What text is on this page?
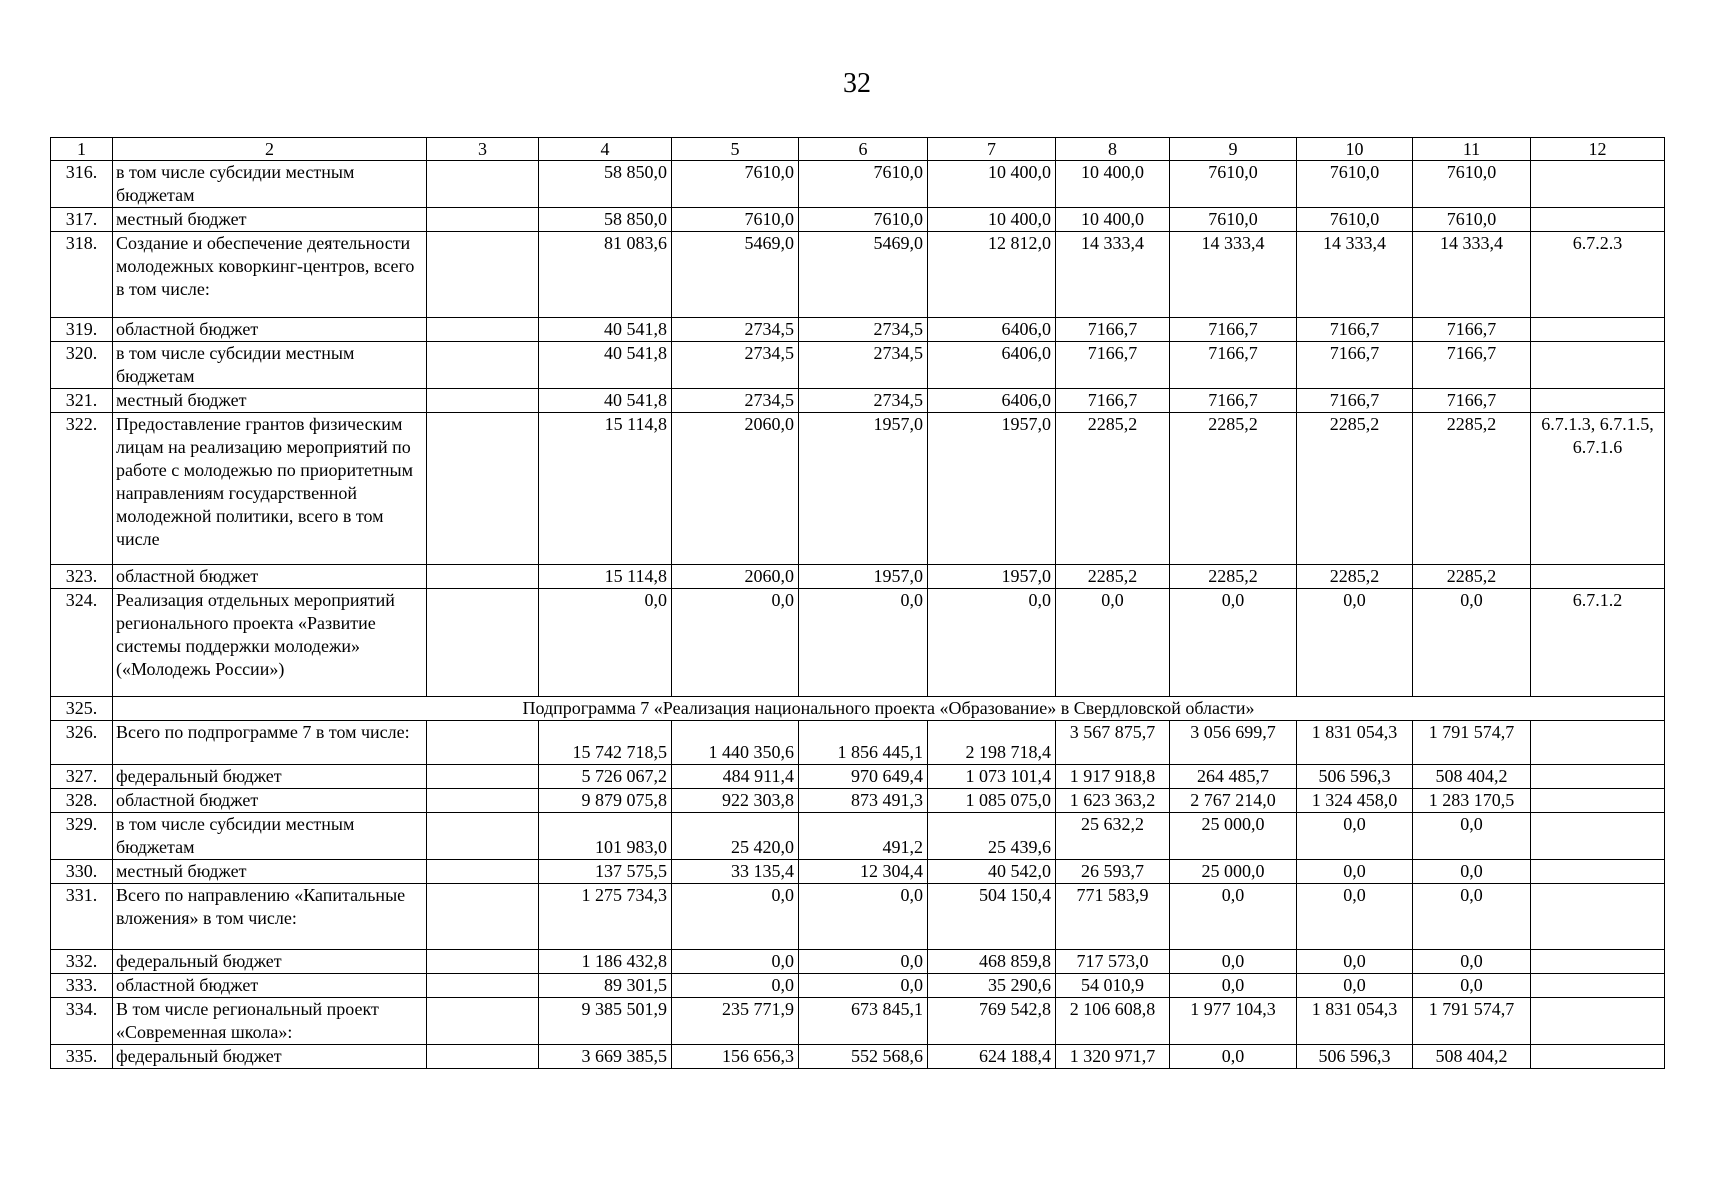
32
1	2	3	4	5	6	7	8	9	10	11	12
316.	в том числе субсидии местным бюджетам		58 850,0	7610,0	7610,0	10 400,0	10 400,0	7610,0	7610,0	7610,0	
317.	местный бюджет		58 850,0	7610,0	7610,0	10 400,0	10 400,0	7610,0	7610,0	7610,0	
318.	Создание и обеспечение деятельности молодежных коворкинг-центров, всего в том числе:		81 083,6	5469,0	5469,0	12 812,0	14 333,4	14 333,4	14 333,4	14 333,4	6.7.2.3
319.	областной бюджет		40 541,8	2734,5	2734,5	6406,0	7166,7	7166,7	7166,7	7166,7	
320.	в том числе субсидии местным бюджетам		40 541,8	2734,5	2734,5	6406,0	7166,7	7166,7	7166,7	7166,7	
321.	местный бюджет		40 541,8	2734,5	2734,5	6406,0	7166,7	7166,7	7166,7	7166,7	
322.	Предоставление грантов физическим лицам на реализацию мероприятий по работе с молодежью по приоритетным направлениям государственной молодежной политики, всего в том числе		15 114,8	2060,0	1957,0	1957,0	2285,2	2285,2	2285,2	2285,2	6.7.1.3, 6.7.1.5, 6.7.1.6
323.	областной бюджет		15 114,8	2060,0	1957,0	1957,0	2285,2	2285,2	2285,2	2285,2	
324.	Реализация отдельных мероприятий регионального проекта «Развитие системы поддержки молодежи» («Молодежь России»)		0,0	0,0	0,0	0,0	0,0	0,0	0,0	0,0	6.7.1.2
325.	Подпрограмма 7 «Реализация национального проекта «Образование» в Свердловской области»										
326.	Всего по подпрограмме 7 в том числе:		15 742 718,5	1 440 350,6	1 856 445,1	2 198 718,4	3 567 875,7	3 056 699,7	1 831 054,3	1 791 574,7	
327.	федеральный бюджет		5 726 067,2	484 911,4	970 649,4	1 073 101,4	1 917 918,8	264 485,7	506 596,3	508 404,2	
328.	областной бюджет		9 879 075,8	922 303,8	873 491,3	1 085 075,0	1 623 363,2	2 767 214,0	1 324 458,0	1 283 170,5	
329.	в том числе субсидии местным бюджетам		101 983,0	25 420,0	491,2	25 439,6	25 632,2	25 000,0	0,0	0,0	
330.	местный бюджет		137 575,5	33 135,4	12 304,4	40 542,0	26 593,7	25 000,0	0,0	0,0	
331.	Всего по направлению «Капитальные вложения» в том числе:		1 275 734,3	0,0	0,0	504 150,4	771 583,9	0,0	0,0	0,0	
332.	федеральный бюджет		1 186 432,8	0,0	0,0	468 859,8	717 573,0	0,0	0,0	0,0	
333.	областной бюджет		89 301,5	0,0	0,0	35 290,6	54 010,9	0,0	0,0	0,0	
334.	В том числе региональный проект «Современная школа»:		9 385 501,9	235 771,9	673 845,1	769 542,8	2 106 608,8	1 977 104,3	1 831 054,3	1 791 574,7	
335.	федеральный бюджет		3 669 385,5	156 656,3	552 568,6	624 188,4	1 320 971,7	0,0	506 596,3	508 404,2	
